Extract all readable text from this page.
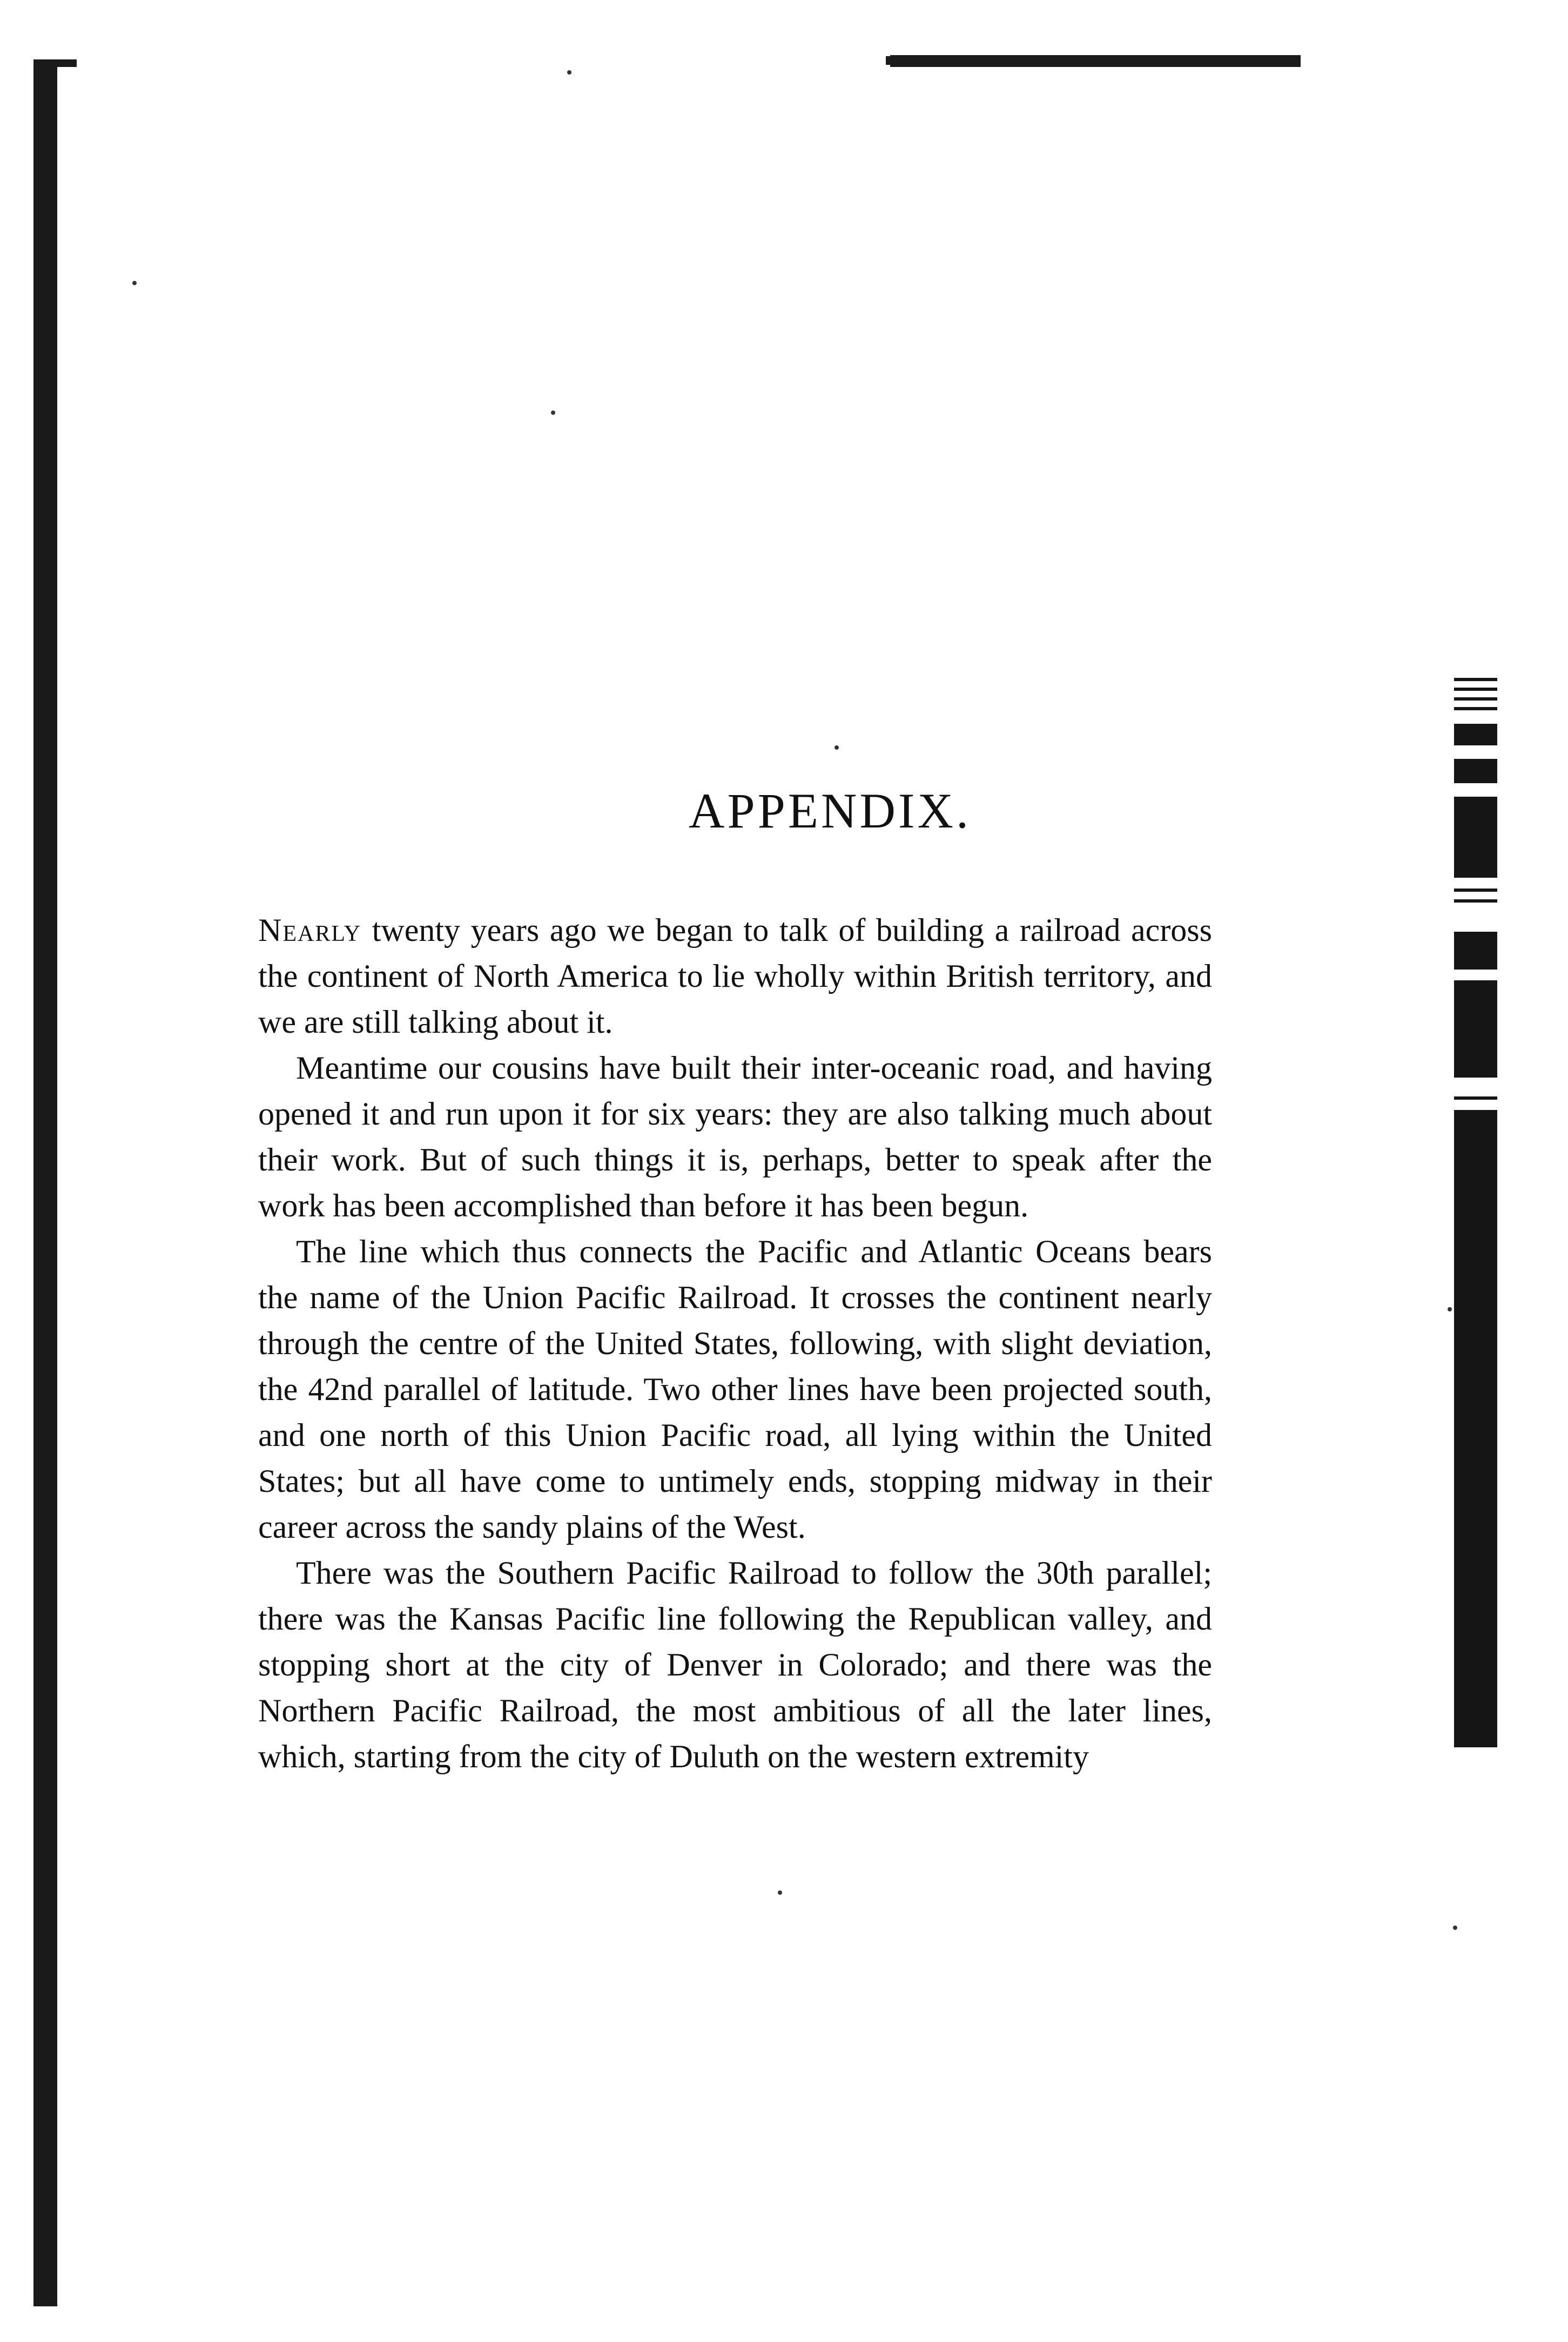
APPENDIX.

Nearly twenty years ago we began to talk of building a railroad across the continent of North America to lie wholly within British territory, and we are still talking about it.

Meantime our cousins have built their inter-oceanic road, and having opened it and run upon it for six years: they are also talking much about their work. But of such things it is, perhaps, better to speak after the work has been accomplished than before it has been begun.

The line which thus connects the Pacific and Atlantic Oceans bears the name of the Union Pacific Railroad. It crosses the continent nearly through the centre of the United States, following, with slight deviation, the 42nd parallel of latitude. Two other lines have been projected south, and one north of this Union Pacific road, all lying within the United States; but all have come to untimely ends, stopping midway in their career across the sandy plains of the West.

There was the Southern Pacific Railroad to follow the 30th parallel; there was the Kansas Pacific line following the Republican valley, and stopping short at the city of Denver in Colorado; and there was the Northern Pacific Railroad, the most ambitious of all the later lines, which, starting from the city of Duluth on the western extremity
